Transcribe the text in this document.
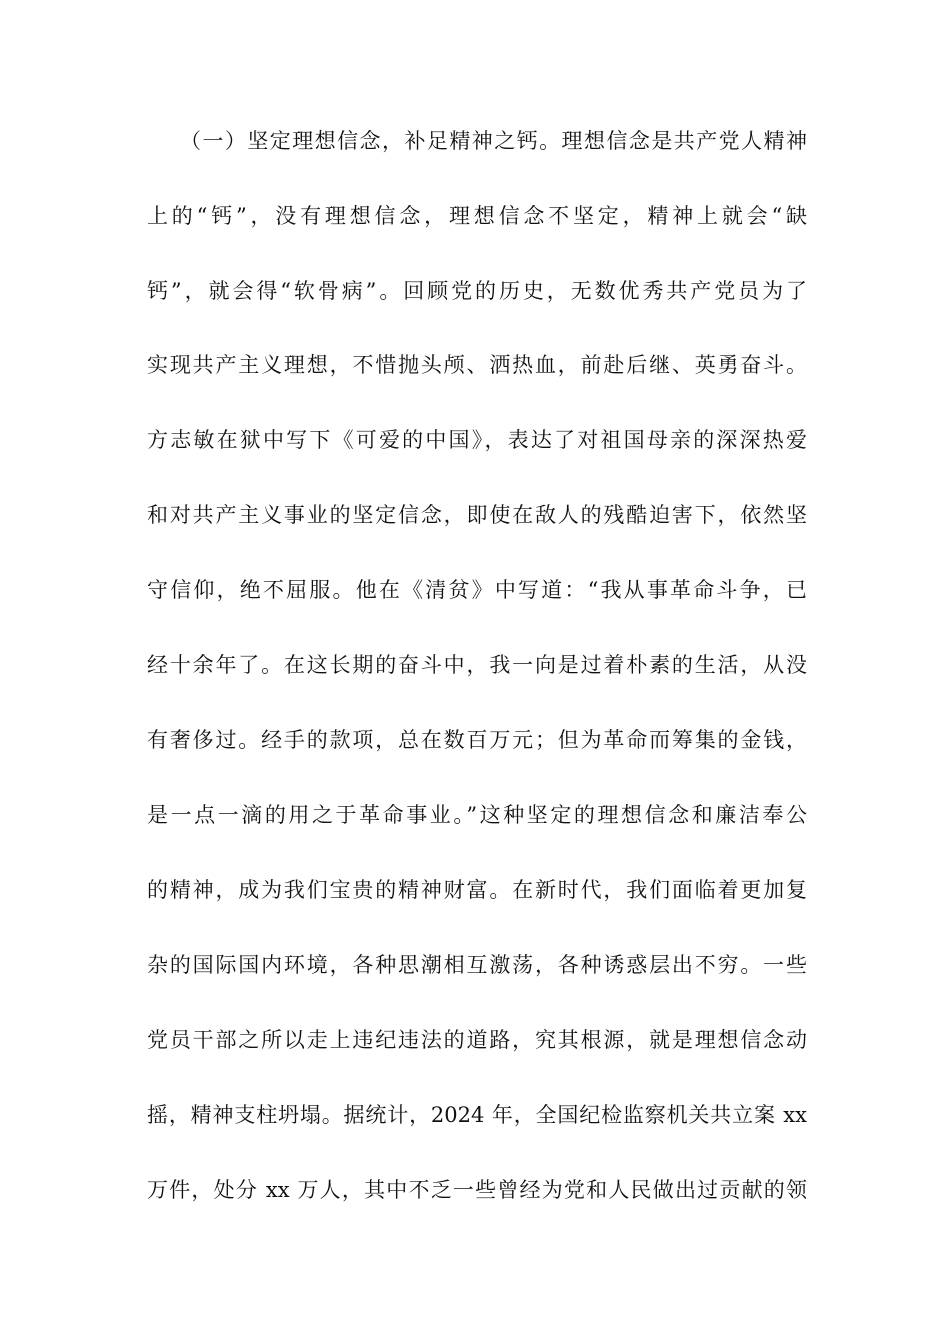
（一）坚定理想信念，补足精神之钙。理想信念是共产党人精神
上的“钙”，没有理想信念，理想信念不坚定，精神上就会“缺
钙”，就会得“软骨病”。回顾党的历史，无数优秀共产党员为了
实现共产主义理想，不惜抛头颅、洒热血，前赴后继、英勇奋斗。
方志敏在狱中写下《可爱的中国》，表达了对祖国母亲的深深热爱
和对共产主义事业的坚定信念，即使在敌人的残酷迫害下，依然坚
守信仰，绝不屈服。他在《清贫》中写道：“我从事革命斗争，已
经十余年了。在这长期的奋斗中，我一向是过着朴素的生活，从没
有奢侈过。经手的款项，总在数百万元；但为革命而筹集的金钱，
是一点一滴的用之于革命事业。”这种坚定的理想信念和廉洁奉公
的精神，成为我们宝贵的精神财富。在新时代，我们面临着更加复
杂的国际国内环境，各种思潮相互激荡，各种诱惑层出不穷。一些
党员干部之所以走上违纪违法的道路，究其根源，就是理想信念动
摇，精神支柱坍塌。据统计，2024 年，全国纪检监察机关共立案 xx
万件，处分 xx 万人，其中不乏一些曾经为党和人民做出过贡献的领
